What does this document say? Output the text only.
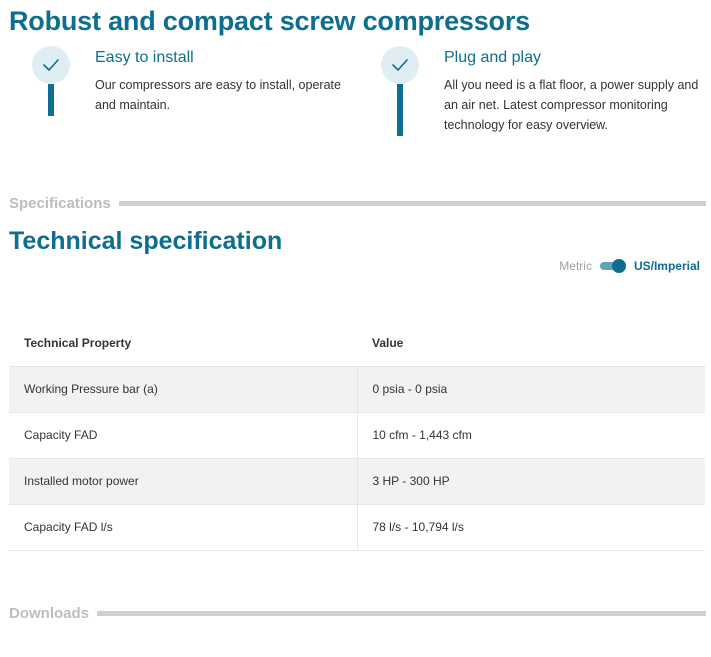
Robust and compact screw compressors
Easy to install
Our compressors are easy to install, operate and maintain.
Plug and play
All you need is a flat floor, a power supply and an air net. Latest compressor monitoring technology for easy overview.
Specifications
Technical specification
Metric	US/Imperial
Technical Property	Value
Working Pressure bar (a)	0 psia - 0 psia
Capacity FAD	10 cfm - 1,443 cfm
Installed motor power	3 HP - 300 HP
Capacity FAD l/s	78 l/s - 10,794 l/s
Downloads
